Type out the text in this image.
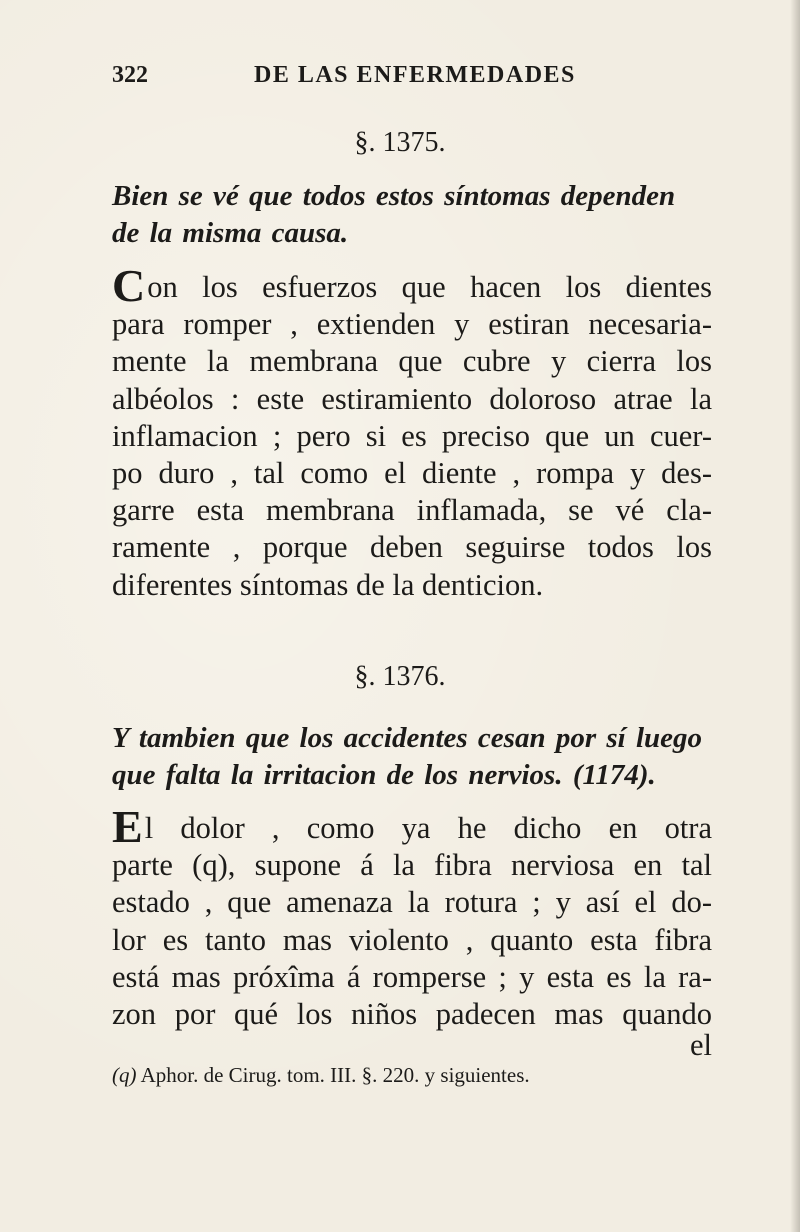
322	DE LAS ENFERMEDADES
§. 1375.
Bien se vé que todos estos síntomas dependen
de la misma causa.
Con los esfuerzos que hacen los dientes
para romper , extienden y estiran necesaria-
mente la membrana que cubre y cierra los
albéolos : este estiramiento doloroso atrae la
inflamacion ; pero si es preciso que un cuer-
po duro , tal como el diente , rompa y des-
garre esta membrana inflamada, se vé cla-
ramente , porque deben seguirse todos los
diferentes síntomas de la denticion.
§. 1376.
Y tambien que los accidentes cesan por sí luego
que falta la irritacion de los nervios. (1174).
El dolor , como ya he dicho en otra
parte (q), supone á la fibra nerviosa en tal
estado , que amenaza la rotura ; y así el do-
lor es tanto mas violento , quanto esta fibra
está mas próxîma á romperse ; y esta es la ra-
zon por qué los niños padecen mas quando
el
(q) Aphor. de Cirug. tom. III. §. 220. y siguientes.
